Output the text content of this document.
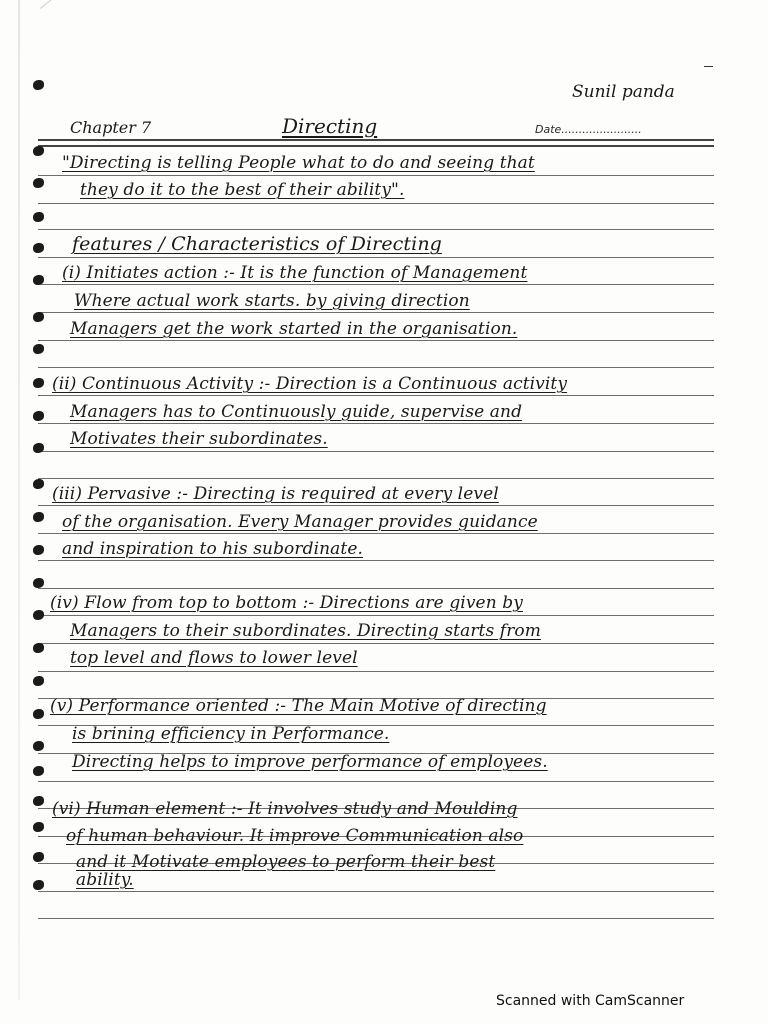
Sunil panda
Chapter 7	Directing	Date.......................
"Directing is telling People what to do and seeing that
they do it to the best of their ability".
features / Characteristics of Directing
(i) Initiates action :- It is the function of Management
Where actual work starts. by giving direction
Managers get the work started in the organisation.
(ii) Continuous Activity :- Direction is a Continuous activity
Managers has to Continuously guide, supervise and
Motivates their subordinates.
(iii) Pervasive :- Directing is required at every level
of the organisation. Every Manager provides guidance
and inspiration to his subordinate.
(iv) Flow from top to bottom :- Directions are given by
Managers to their subordinates. Directing starts from
top level and flows to lower level
(v) Performance oriented :- The Main Motive of directing
is brining efficiency in Performance.
Directing helps to improve performance of employees.
(vi) Human element :- It involves study and Moulding
of human behaviour. It improve Communication also
and it Motivate employees to perform their best
ability.
Scanned with CamScanner
